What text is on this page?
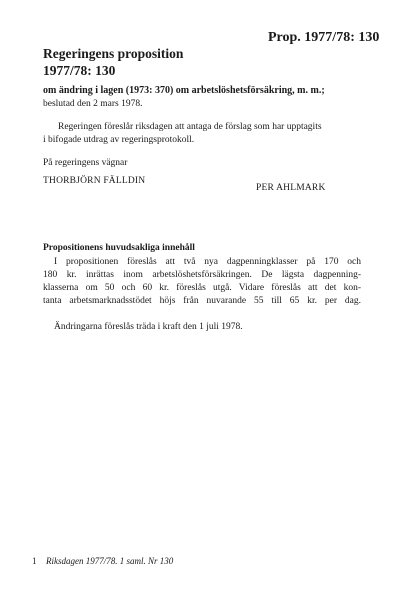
Prop. 1977/78: 130
Regeringens proposition
1977/78: 130
om ändring i lagen (1973: 370) om arbetslöshetsförsäkring, m. m.;
beslutad den 2 mars 1978.
Regeringen föreslår riksdagen att antaga de förslag som har upptagits
i bifogade utdrag av regeringsprotokoll.
På regeringens vägnar
THORBJÖRN FÄLLDIN
PER AHLMARK
Propositionens huvudsakliga innehåll
I propositionen föreslås att två nya dagpenningklasser på 170 och
180 kr. inrättas inom arbetslöshetsförsäkringen. De lägsta dagpenning-
klasserna om 50 och 60 kr. föreslås utgå. Vidare föreslås att det kon-
tanta arbetsmarknadsstödet höjs från nuvarande 55 till 65 kr. per dag.
Ändringarna föreslås träda i kraft den 1 juli 1978.
1 Riksdagen 1977/78. 1 saml. Nr 130
